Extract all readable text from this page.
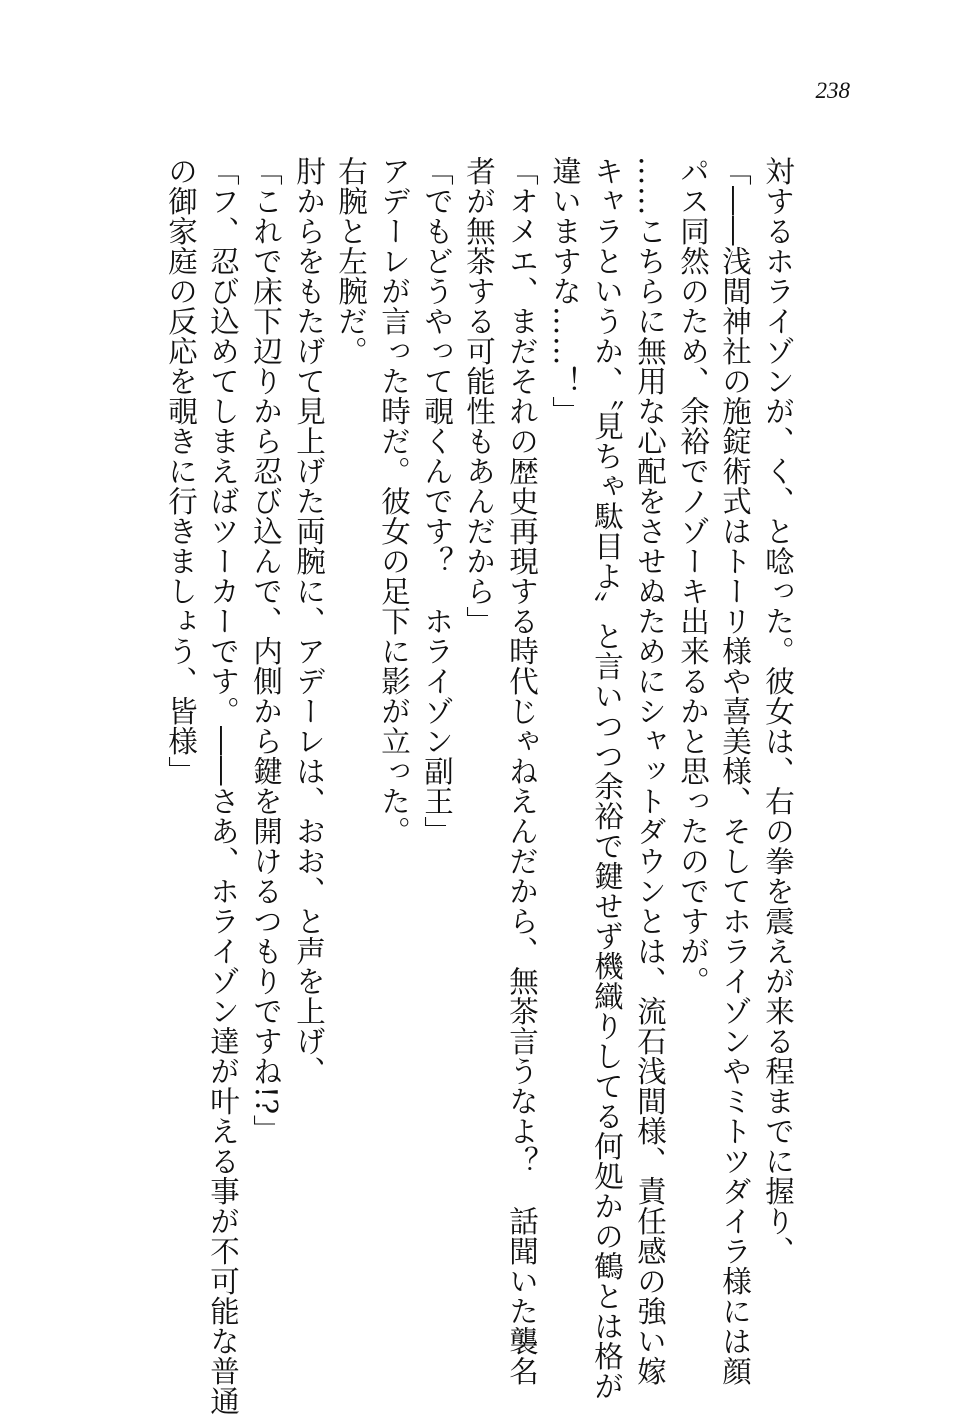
238
対するホライゾンが、く、と唸った。彼女は、右の拳を震えが来る程までに握り、
「――浅間神社の施錠術式はトーリ様や喜美様、そしてホライゾンやミトツダイラ様には顔
パス同然のため、余裕でノゾーキ出来るかと思ったのですが。
……こちらに無用な心配をさせぬためにシャットダウンとは、流石浅間様、責任感の強い嫁
キャラというか、〝見ちゃ駄目よ〟と言いつつ余裕で鍵せず機織りしてる何処かの鶴とは格が
違いますな……！」
「オメエ、まだそれの歴史再現する時代じゃねえんだから、無茶言うなよ？　話聞いた襲名
者が無茶する可能性もあんだから」
「でもどうやって覗くんです？　ホライゾン副王」
アデーレが言った時だ。彼女の足下に影が立った。
右腕と左腕だ。
肘からをもたげて見上げた両腕に、アデーレは、おお、と声を上げ、
「これで床下辺りから忍び込んで、内側から鍵を開けるつもりですね!?」
「フ、忍び込めてしまえばツーカーです。――さあ、ホライゾン達が叶える事が不可能な普通
の御家庭の反応を覗きに行きましょう、皆様」
